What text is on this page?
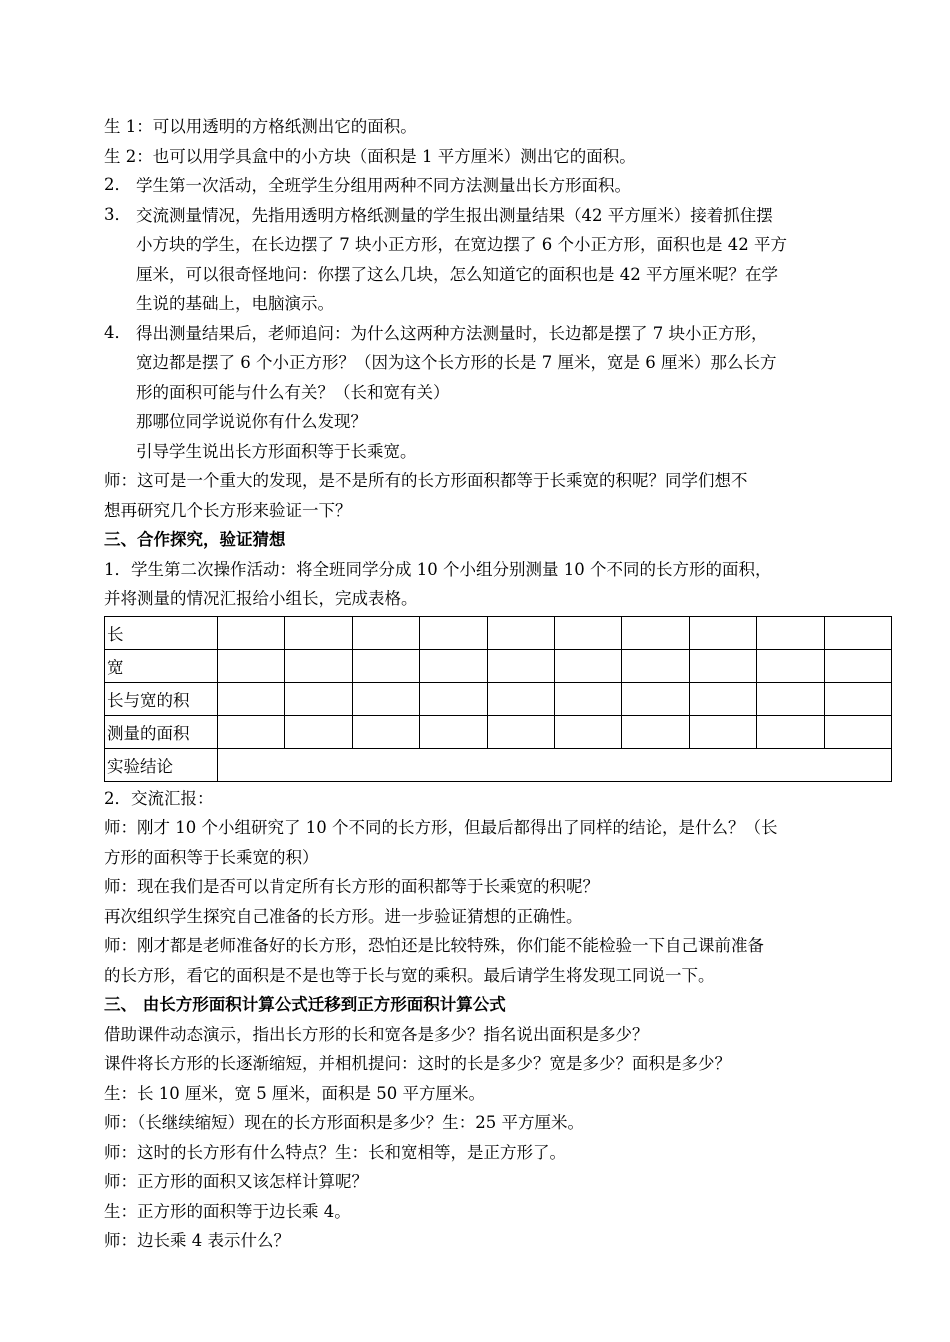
生 1：可以用透明的方格纸测出它的面积。
生 2：也可以用学具盒中的小方块（面积是 1 平方厘米）测出它的面积。
2． 学生第一次活动，全班学生分组用两种不同方法测量出长方形面积。
3． 交流测量情况，先指用透明方格纸测量的学生报出测量结果（42 平方厘米）接着抓住摆
小方块的学生，在长边摆了 7 块小正方形，在宽边摆了 6 个小正方形，面积也是 42 平方
厘米，可以很奇怪地问：你摆了这么几块，怎么知道它的面积也是 42 平方厘米呢？在学
生说的基础上，电脑演示。
4． 得出测量结果后，老师追问：为什么这两种方法测量时，长边都是摆了 7 块小正方形，
宽边都是摆了 6 个小正方形？（因为这个长方形的长是 7 厘米，宽是 6 厘米）那么长方
形的面积可能与什么有关？（长和宽有关）
那哪位同学说说你有什么发现？
引导学生说出长方形面积等于长乘宽。
师：这可是一个重大的发现，是不是所有的长方形面积都等于长乘宽的积呢？同学们想不
想再研究几个长方形来验证一下？
三、合作探究，验证猜想
1．学生第二次操作活动：将全班同学分成 10 个小组分别测量 10 个不同的长方形的面积，
并将测量的情况汇报给小组长，完成表格。
长										
宽										
长与宽的积										
测量的面积										
实验结论										
2．交流汇报：
师：刚才 10 个小组研究了 10 个不同的长方形，但最后都得出了同样的结论，是什么？（长
方形的面积等于长乘宽的积）
师：现在我们是否可以肯定所有长方形的面积都等于长乘宽的积呢？
再次组织学生探究自己准备的长方形。进一步验证猜想的正确性。
师：刚才都是老师准备好的长方形，恐怕还是比较特殊，你们能不能检验一下自己课前准备
的长方形，看它的面积是不是也等于长与宽的乘积。最后请学生将发现工同说一下。
三、 由长方形面积计算公式迁移到正方形面积计算公式
借助课件动态演示，指出长方形的长和宽各是多少？指名说出面积是多少？
课件将长方形的长逐渐缩短，并相机提问：这时的长是多少？宽是多少？面积是多少？
生：长 10 厘米，宽 5 厘米，面积是 50 平方厘米。
师：（长继续缩短）现在的长方形面积是多少？生：25 平方厘米。
师：这时的长方形有什么特点？生：长和宽相等，是正方形了。
师：正方形的面积又该怎样计算呢？
生：正方形的面积等于边长乘 4。
师：边长乘 4 表示什么？
